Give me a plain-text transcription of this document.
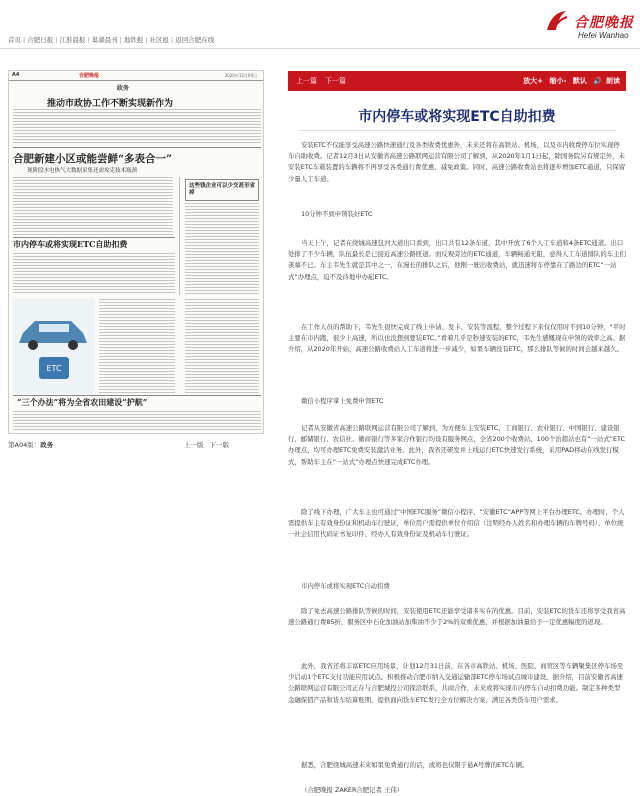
首页 | 合肥日报 | 江淮晨报 | 巢湖晨刊 | 地铁报 | 社区报 | 返回合肥在线
合肥晚报
Hefei Wanhao
A4	合肥晚报	2020年12月04日
政务
推动市政协工作不断实现新作为
合肥新建小区或能尝鲜“多表合一”
现阶段水电热气大数据采集还需攻克技术瓶颈
这些钱企业可以少交甚至省掉
市内停车或将实现ETC自助扣费
ETC
“三个办法”将为全省农田建设“护航”
第A04版：政务	上一版 下一版
上一篇 下一篇	放大+ 缩小- 默认 🔊 朗读
市内停车或将实现ETC自助扣费

安装ETC不仅能享受高速公路快速通行及各类收费优惠外，未来还将在高铁站、机场，以及市内收费停车位实现停车自助收费。记者12月3日从安徽省高速公路联网运营有限公司了解到，从2020年1月1日起，除国务院另有规定外，未安装ETC车载装置的车辆将不再享受各类通行费优惠、减免政策。同时，高速公路收费站也将逐步增加ETC通道，只保留少量人工车道。

10分钟不到申领装好ETC

当天上午，记者在绕城高速包河大道出口看到，出口共有12条车道，其中开放了6个人工车道和4条ETC通道。出口处排了不少车辆，队伍最长是已接近高速公路匝道。而反观旁边的ETC通道，车辆畅通无阻，意得人工车道排队的车主们羡慕不已。车主韦先生就是其中之一，在漫长的排队之后，他刚一驶出收费站，就迅速将车停靠在了路边的ETC“一站式”办理点，迫不及待地申办起ETC。

在工作人员的帮助下，韦先生很快完成了线上申请、发卡、安装等流程，整个过程下来仅仅用时不到10分钟，“平时主要在市内跑，很少上高速，所以也没想到要装ETC。”看着几乎是秒速安装的ETC，韦先生感慨现在申领的效率之高。据介绍，从2020年开始，高速公路收费站人工车道将进一步减少，如果车辆没有ETC，那么排队等候的时间会越来越久。

微信小程序掌上免费申领ETC

记者从安徽省高速公路联网运营有限公司了解到，为方便车主安装ETC，工商银行、农业银行、中国银行、建设银行、邮储银行、农信社、徽商银行等多家合作银行均设有服务网点，全省200个收费站、100个治超站也有“一站式”ETC办理点，均可办理ETC免费安装激活业务。此外，我省还研发并上线运行ETC快速发行系统，采用PAD移动在线发行模式，帮助车主在“一站式”办理点快速完成ETC办理。

除了线下办理，广大车主也可通过“中国ETC服务”微信小程序、“安徽ETC”APP等网上平台办理ETC。办理时，个人需提供车主有效身份证和机动车行驶证，单位用户需提供单位介绍信（注明经办人姓名和办理车辆的车牌号码）、单位统一社会信用代码证书复印件、经办人有效身份证及机动车行驶证。

市内停车或将实现ETC自动扣费

除了免去高速公路排队等候的时间，安装使用ETC还能享受诸多实在的优惠。目前，安装ETC的货车还将享受我省高速公路通行费85折，服务区中石化加油站加柴油不少于2%的双重优惠，并根据加油量给予一定优惠幅度的返现。

此外，我省还将丰富ETC应用场景，计划12月31日前，在各市高铁站、机场、医院、商贸区等车辆聚集区停车场至少启动1个ETC支付功能应用试点。积极推动合肥市纳入交通运输部ETC停车场试点城市建设。据介绍，目前安徽省高速公路联网运营有限公司正在与合肥城投公司探洽联系，共商合作，未来或将实现市内停车自动扣费功能。制定多种类型金融保值产品和货车结算账期，提供面向货车ETC发行全方位解决方案，满足各类货车用户需求。

据悉，合肥绕城高速未来如果免费通行的话，或将也仅限于悬A号牌的ETC车辆。

（合肥晚报 ZAKER合肥记者 王伟）
